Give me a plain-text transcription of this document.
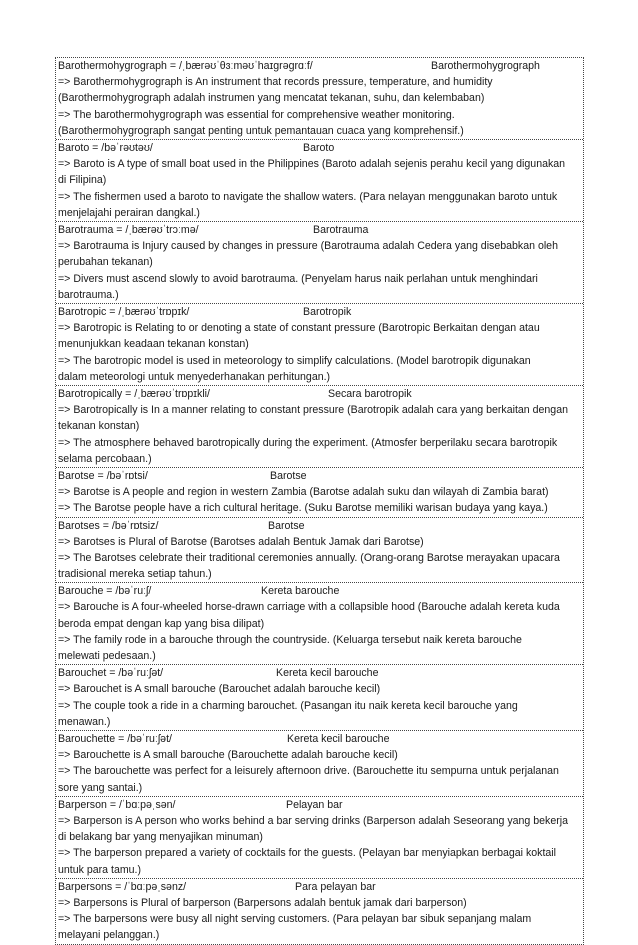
Barothermohygrograph = /ˌbærəʊˈθɜːməʊˈhaɪɡrəɡrɑːf/	Barothermohygrograph
=> Barothermohygrograph is An instrument that records pressure, temperature, and humidity
(Barothermohygrograph adalah instrumen yang mencatat tekanan, suhu, dan kelembaban)
=> The barothermohygrograph was essential for comprehensive weather monitoring.
(Barothermohygrograph sangat penting untuk pemantauan cuaca yang komprehensif.)
Baroto = /bəˈrəʊtəʊ/	Baroto
=> Baroto is A type of small boat used in the Philippines (Baroto adalah sejenis perahu kecil yang digunakan
di Filipina)
=> The fishermen used a baroto to navigate the shallow waters. (Para nelayan menggunakan baroto untuk
menjelajahi perairan dangkal.)
Barotrauma = /ˌbærəʊˈtrɔːmə/	Barotrauma
=> Barotrauma is Injury caused by changes in pressure (Barotrauma adalah Cedera yang disebabkan oleh
perubahan tekanan)
=> Divers must ascend slowly to avoid barotrauma. (Penyelam harus naik perlahan untuk menghindari
barotrauma.)
Barotropic = /ˌbærəʊˈtrɒpɪk/	Barotropik
=> Barotropic is Relating to or denoting a state of constant pressure (Barotropic Berkaitan dengan atau
menunjukkan keadaan tekanan konstan)
=> The barotropic model is used in meteorology to simplify calculations. (Model barotropik digunakan
dalam meteorologi untuk menyederhanakan perhitungan.)
Barotropically = /ˌbærəʊˈtrɒpɪkli/	Secara barotropik
=> Barotropically is In a manner relating to constant pressure (Barotropik adalah cara yang berkaitan dengan
tekanan konstan)
=> The atmosphere behaved barotropically during the experiment. (Atmosfer berperilaku secara barotropik
selama percobaan.)
Barotse = /bəˈrɒtsi/	Barotse
=> Barotse is A people and region in western Zambia (Barotse adalah suku dan wilayah di Zambia barat)
=> The Barotse people have a rich cultural heritage. (Suku Barotse memiliki warisan budaya yang kaya.)
Barotses = /bəˈrɒtsiz/	Barotse
=> Barotses is Plural of Barotse (Barotses adalah Bentuk Jamak dari Barotse)
=> The Barotses celebrate their traditional ceremonies annually. (Orang-orang Barotse merayakan upacara
tradisional mereka setiap tahun.)
Barouche = /bəˈruːʃ/	Kereta barouche
=> Barouche is A four-wheeled horse-drawn carriage with a collapsible hood (Barouche adalah kereta kuda
beroda empat dengan kap yang bisa dilipat)
=> The family rode in a barouche through the countryside. (Keluarga tersebut naik kereta barouche
melewati pedesaan.)
Barouchet = /bəˈruːʃət/	Kereta kecil barouche
=> Barouchet is A small barouche (Barouchet adalah barouche kecil)
=> The couple took a ride in a charming barouchet. (Pasangan itu naik kereta kecil barouche yang
menawan.)
Barouchette = /bəˈruːʃət/	Kereta kecil barouche
=> Barouchette is A small barouche (Barouchette adalah barouche kecil)
=> The barouchette was perfect for a leisurely afternoon drive. (Barouchette itu sempurna untuk perjalanan
sore yang santai.)
Barperson = /ˈbɑːpəˌsən/	Pelayan bar
=> Barperson is A person who works behind a bar serving drinks (Barperson adalah Seseorang yang bekerja
di belakang bar yang menyajikan minuman)
=> The barperson prepared a variety of cocktails for the guests. (Pelayan bar menyiapkan berbagai koktail
untuk para tamu.)
Barpersons = /ˈbɑːpəˌsənz/	Para pelayan bar
=> Barpersons is Plural of barperson (Barpersons adalah bentuk jamak dari barperson)
=> The barpersons were busy all night serving customers. (Para pelayan bar sibuk sepanjang malam
melayani pelanggan.)
